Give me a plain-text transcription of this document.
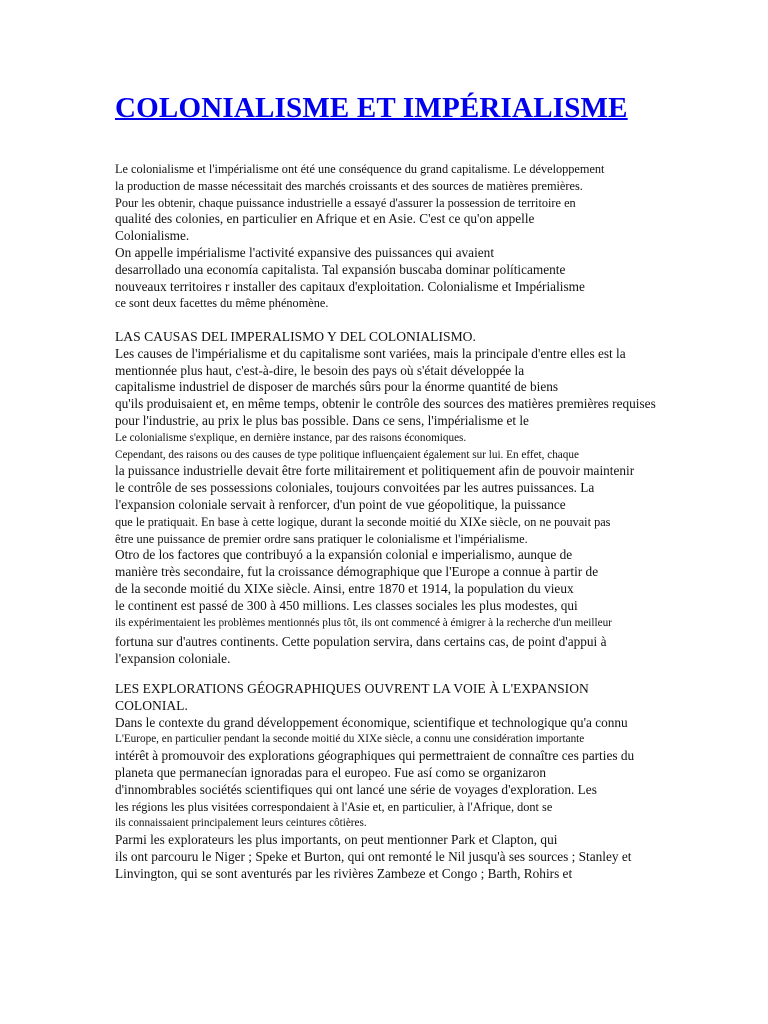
COLONIALISME ET IMPÉRIALISME
Le colonialisme et l'impérialisme ont été une conséquence du grand capitalisme. Le développement
la production de masse nécessitait des marchés croissants et des sources de matières premières.
Pour les obtenir, chaque puissance industrielle a essayé d'assurer la possession de territoire en
qualité des colonies, en particulier en Afrique et en Asie. C'est ce qu'on appelle
Colonialisme.
On appelle impérialisme l'activité expansive des puissances qui avaient
desarrollado una economía capitalista. Tal expansión buscaba dominar políticamente
nouveaux territoires r installer des capitaux d'exploitation. Colonialisme et Impérialisme
ce sont deux facettes du même phénomène.
LAS CAUSAS DEL IMPERALISMO Y DEL COLONIALISMO.
Les causes de l'impérialisme et du capitalisme sont variées, mais la principale d'entre elles est la
mentionnée plus haut, c'est-à-dire, le besoin des pays où s'était développée la
capitalisme industriel de disposer de marchés sûrs pour la énorme quantité de biens
qu'ils produisaient et, en même temps, obtenir le contrôle des sources des matières premières requises
pour l'industrie, au prix le plus bas possible. Dans ce sens, l'impérialisme et le
Le colonialisme s'explique, en dernière instance, par des raisons économiques.
Cependant, des raisons ou des causes de type politique influençaient également sur lui. En effet, chaque
la puissance industrielle devait être forte militairement et politiquement afin de pouvoir maintenir
le contrôle de ses possessions coloniales, toujours convoitées par les autres puissances. La
l'expansion coloniale servait à renforcer, d'un point de vue géopolitique, la puissance
que le pratiquait. En base à cette logique, durant la seconde moitié du XIXe siècle, on ne pouvait pas
être une puissance de premier ordre sans pratiquer le colonialisme et l'impérialisme.
Otro de los factores que contribuyó a la expansión colonial e imperialismo, aunque de
manière très secondaire, fut la croissance démographique que l'Europe a connue à partir de
de la seconde moitié du XIXe siècle. Ainsi, entre 1870 et 1914, la population du vieux
le continent est passé de 300 à 450 millions. Les classes sociales les plus modestes, qui
ils expérimentaient les problèmes mentionnés plus tôt, ils ont commencé à émigrer à la recherche d'un meilleur
fortuna sur d'autres continents. Cette population servira, dans certains cas, de point d'appui à
l'expansion coloniale.
LES EXPLORATIONS GÉOGRAPHIQUES OUVRENT LA VOIE À L'EXPANSION
COLONIAL.
Dans le contexte du grand développement économique, scientifique et technologique qu'a connu
L'Europe, en particulier pendant la seconde moitié du XIXe siècle, a connu une considération importante
intérêt à promouvoir des explorations géographiques qui permettraient de connaître ces parties du
planeta que permanecían ignoradas para el europeo. Fue así como se organizaron
d'innombrables sociétés scientifiques qui ont lancé une série de voyages d'exploration. Les
les régions les plus visitées correspondaient à l'Asie et, en particulier, à l'Afrique, dont se
ils connaissaient principalement leurs ceintures côtières.
Parmi les explorateurs les plus importants, on peut mentionner Park et Clapton, qui
ils ont parcouru le Niger ; Speke et Burton, qui ont remonté le Nil jusqu'à ses sources ; Stanley et
Linvington, qui se sont aventurés par les rivières Zambeze et Congo ; Barth, Rohirs et
